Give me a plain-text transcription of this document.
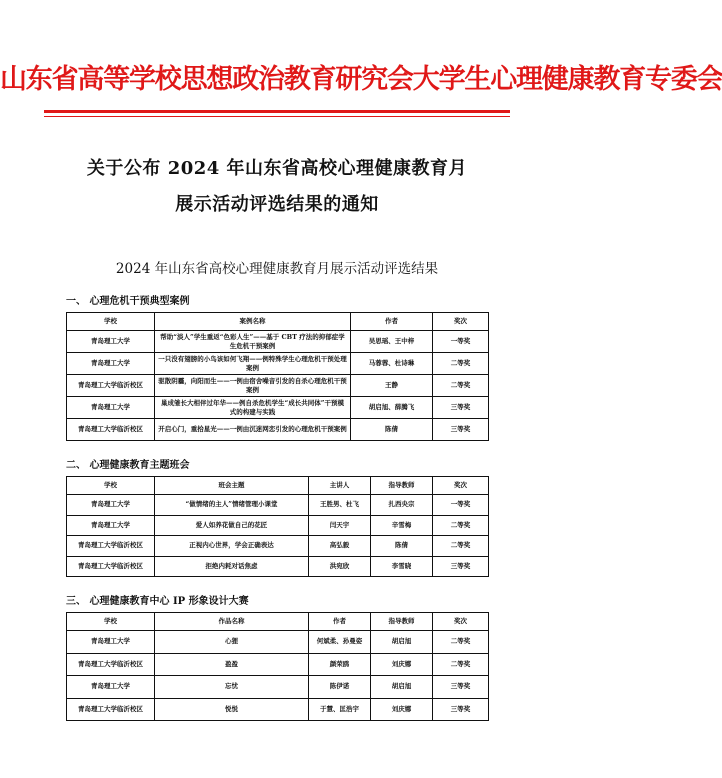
山东省高等学校思想政治教育研究会大学生心理健康教育专委会
关于公布 2024 年山东省高校心理健康教育月
展示活动评选结果的通知
2024 年山东省高校心理健康教育月展示活动评选结果
一、 心理危机干预典型案例
学校	案例名称	作者	奖次
青岛理工大学	帮助“淡人”学生重返“色彩人生”——基于 CBT 疗法的抑郁症学生危机干预案例	吴思瑶、王中梓	一等奖
青岛理工大学	一只没有翅膀的小鸟该如何飞翔——例特殊学生心理危机干预处理案例	马蓉蓉、杜诗琳	二等奖
青岛理工大学临沂校区	驱散阴霾，向阳而生——一例由宿舍噪音引发的自杀心理危机干预案例	王静	二等奖
青岛理工大学	巢成雏长大相伴过年华——例自杀危机学生“成长共同体”干预模式的构建与实践	胡启旭、薛腾飞	三等奖
青岛理工大学临沂校区	开启心门，重拾星光——一例由沉迷网恋引发的心理危机干预案例	陈倩	三等奖
二、 心理健康教育主题班会
学校	班会主题	主讲人	指导教师	奖次
青岛理工大学	“做情绪的主人”情绪管理小课堂	王胜男、杜飞	扎西央宗	一等奖
青岛理工大学	爱人如养花做自己的花匠	闫天宇	辛雪梅	二等奖
青岛理工大学临沂校区	正视内心世界，学会正确表达	高弘毅	陈倩	二等奖
青岛理工大学临沂校区	拒绝内耗对话焦虑	洪宛欣	李雪晓	三等奖
三、 心理健康教育中心 IP 形象设计大赛
学校	作品名称	作者	指导教师	奖次
青岛理工大学	心狸	何斌柔、孙曼姿	胡启旭	二等奖
青岛理工大学临沂校区	盈盈	颜荣鸥	刘庆娜	二等奖
青岛理工大学	忘忧	陈伊诺	胡启旭	三等奖
青岛理工大学临沂校区	悦悦	于慧、匡浩宇	刘庆娜	三等奖
